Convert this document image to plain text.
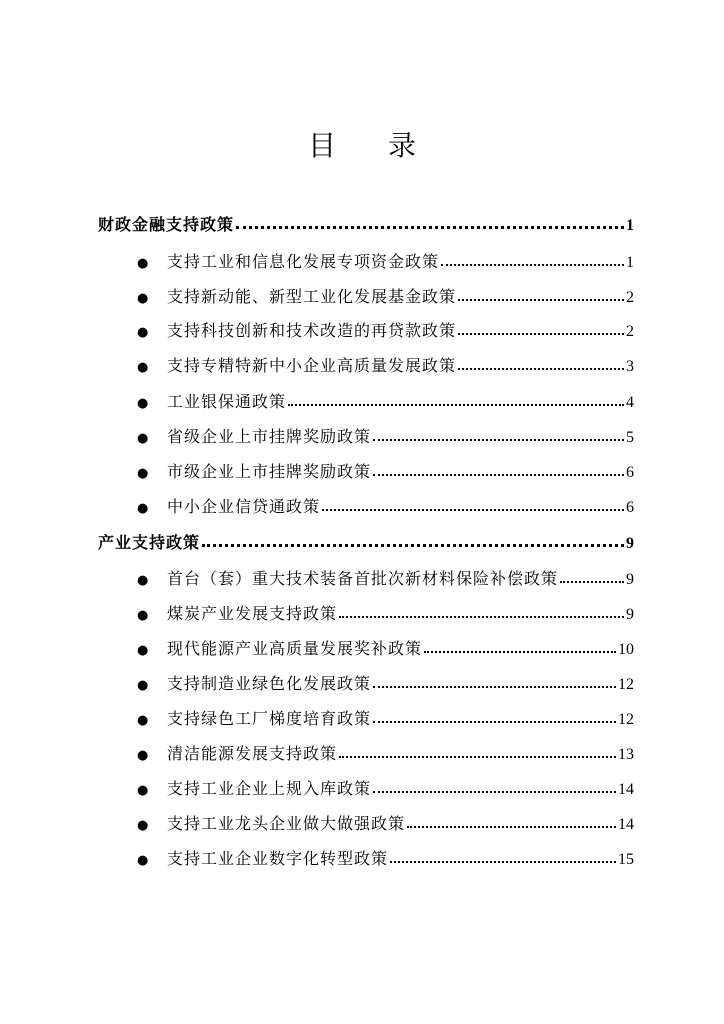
目 录
财政金融支持政策	1
●	支持工业和信息化发展专项资金政策	1
●	支持新动能、新型工业化发展基金政策	2
●	支持科技创新和技术改造的再贷款政策	2
●	支持专精特新中小企业高质量发展政策	3
●	工业银保通政策	4
●	省级企业上市挂牌奖励政策	5
●	市级企业上市挂牌奖励政策	6
●	中小企业信贷通政策	6
产业支持政策	9
●	首台（套）重大技术装备首批次新材料保险补偿政策	9
●	煤炭产业发展支持政策	9
●	现代能源产业高质量发展奖补政策	10
●	支持制造业绿色化发展政策	12
●	支持绿色工厂梯度培育政策	12
●	清洁能源发展支持政策	13
●	支持工业企业上规入库政策	14
●	支持工业龙头企业做大做强政策	14
●	支持工业企业数字化转型政策	15
